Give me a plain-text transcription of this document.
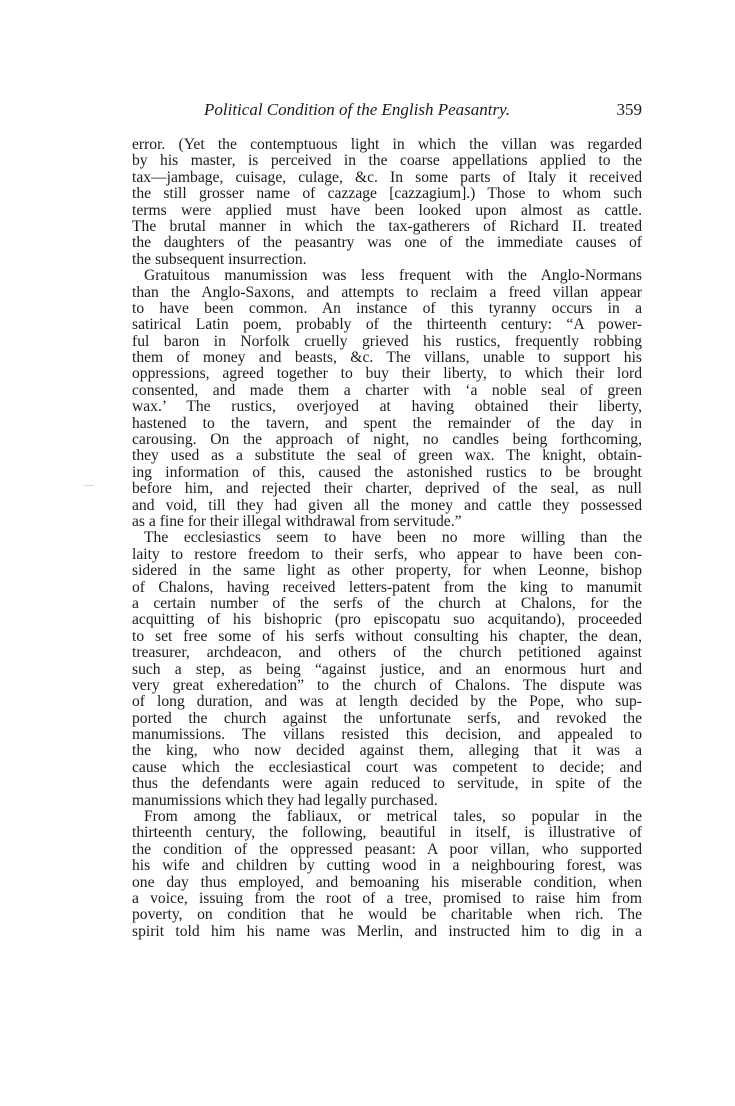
Political Condition of the English Peasantry.	359
error. (Yet the contemptuous light in which the villan was regarded
by his master, is perceived in the coarse appellations applied to the
tax—jambage, cuisage, culage, &c. In some parts of Italy it received
the still grosser name of cazzage [cazzagium].) Those to whom such
terms were applied must have been looked upon almost as cattle.
The brutal manner in which the tax-gatherers of Richard II. treated
the daughters of the peasantry was one of the immediate causes of
the subsequent insurrection.
Gratuitous manumission was less frequent with the Anglo-Normans
than the Anglo-Saxons, and attempts to reclaim a freed villan appear
to have been common. An instance of this tyranny occurs in a
satirical Latin poem, probably of the thirteenth century: “A power-
ful baron in Norfolk cruelly grieved his rustics, frequently robbing
them of money and beasts, &c. The villans, unable to support his
oppressions, agreed together to buy their liberty, to which their lord
consented, and made them a charter with ‘a noble seal of green
wax.’ The rustics, overjoyed at having obtained their liberty,
hastened to the tavern, and spent the remainder of the day in
carousing. On the approach of night, no candles being forthcoming,
they used as a substitute the seal of green wax. The knight, obtain-
ing information of this, caused the astonished rustics to be brought
before him, and rejected their charter, deprived of the seal, as null
and void, till they had given all the money and cattle they possessed
as a fine for their illegal withdrawal from servitude.”
The ecclesiastics seem to have been no more willing than the
laity to restore freedom to their serfs, who appear to have been con-
sidered in the same light as other property, for when Leonne, bishop
of Chalons, having received letters-patent from the king to manumit
a certain number of the serfs of the church at Chalons, for the
acquitting of his bishopric (pro episcopatu suo acquitando), proceeded
to set free some of his serfs without consulting his chapter, the dean,
treasurer, archdeacon, and others of the church petitioned against
such a step, as being “against justice, and an enormous hurt and
very great exheredation” to the church of Chalons. The dispute was
of long duration, and was at length decided by the Pope, who sup-
ported the church against the unfortunate serfs, and revoked the
manumissions. The villans resisted this decision, and appealed to
the king, who now decided against them, alleging that it was a
cause which the ecclesiastical court was competent to decide; and
thus the defendants were again reduced to servitude, in spite of the
manumissions which they had legally purchased.
From among the fabliaux, or metrical tales, so popular in the
thirteenth century, the following, beautiful in itself, is illustrative of
the condition of the oppressed peasant: A poor villan, who supported
his wife and children by cutting wood in a neighbouring forest, was
one day thus employed, and bemoaning his miserable condition, when
a voice, issuing from the root of a tree, promised to raise him from
poverty, on condition that he would be charitable when rich. The
spirit told him his name was Merlin, and instructed him to dig in a
—
